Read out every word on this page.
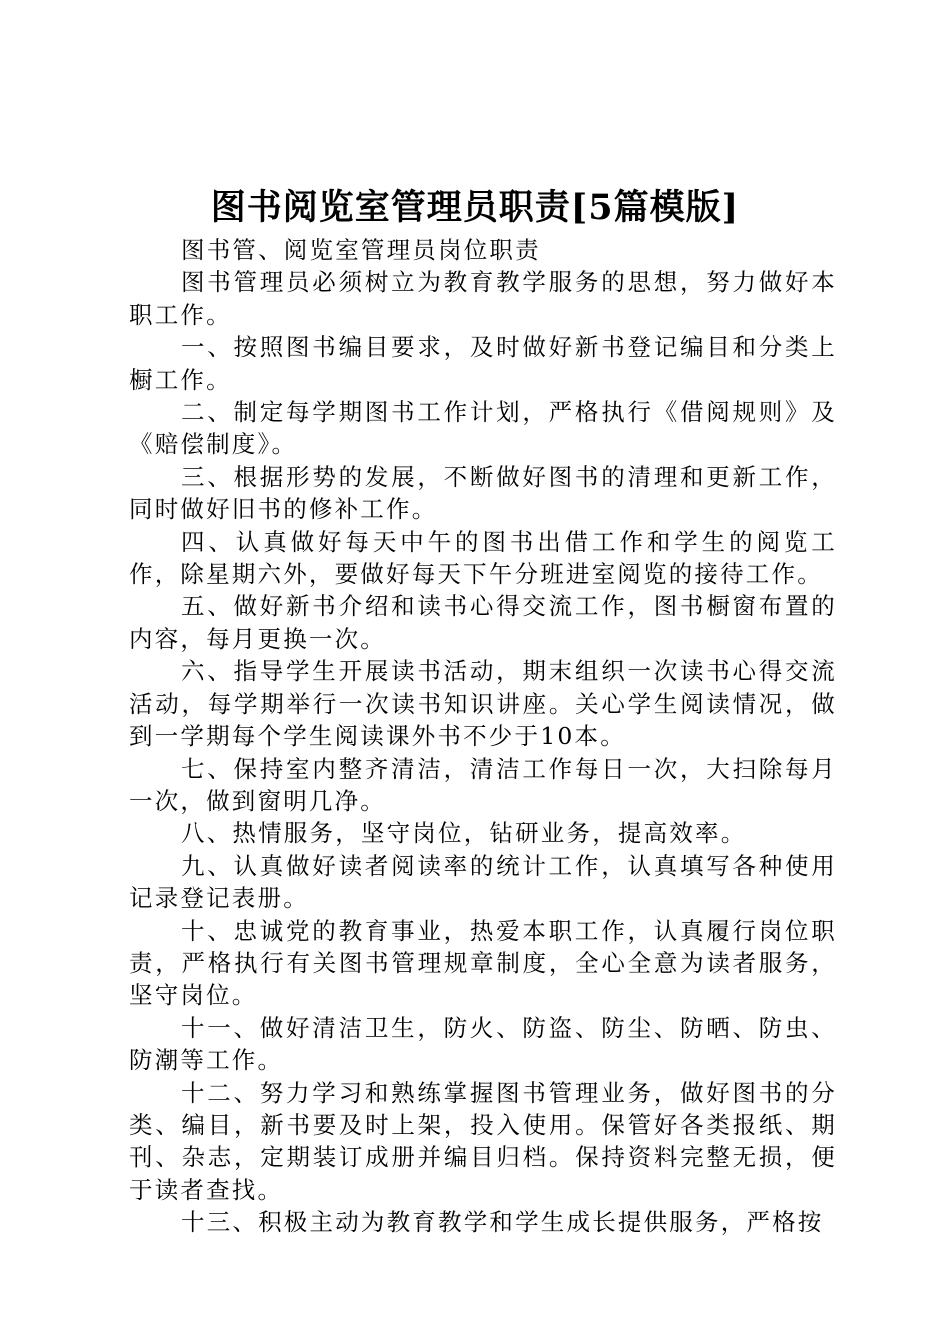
图书阅览室管理员职责[5篇模版]

图书管、阅览室管理员岗位职责

图书管理员必须树立为教育教学服务的思想，努力做好本职工作。

一、按照图书编目要求，及时做好新书登记编目和分类上橱工作。

二、制定每学期图书工作计划，严格执行《借阅规则》及《赔偿制度》。

三、根据形势的发展，不断做好图书的清理和更新工作，同时做好旧书的修补工作。

四、认真做好每天中午的图书出借工作和学生的阅览工作，除星期六外，要做好每天下午分班进室阅览的接待工作。

五、做好新书介绍和读书心得交流工作，图书橱窗布置的内容，每月更换一次。

六、指导学生开展读书活动，期末组织一次读书心得交流活动，每学期举行一次读书知识讲座。关心学生阅读情况，做到一学期每个学生阅读课外书不少于10本。

七、保持室内整齐清洁，清洁工作每日一次，大扫除每月一次，做到窗明几净。

八、热情服务，坚守岗位，钻研业务，提高效率。

九、认真做好读者阅读率的统计工作，认真填写各种使用记录登记表册。

十、忠诚党的教育事业，热爱本职工作，认真履行岗位职责，严格执行有关图书管理规章制度，全心全意为读者服务，坚守岗位。

十一、做好清洁卫生，防火、防盗、防尘、防晒、防虫、防潮等工作。

十二、努力学习和熟练掌握图书管理业务，做好图书的分类、编目，新书要及时上架，投入使用。保管好各类报纸、期刊、杂志，定期装订成册并编目归档。保持资料完整无损，便于读者查找。

十三、积极主动为教育教学和学生成长提供服务，严格按
